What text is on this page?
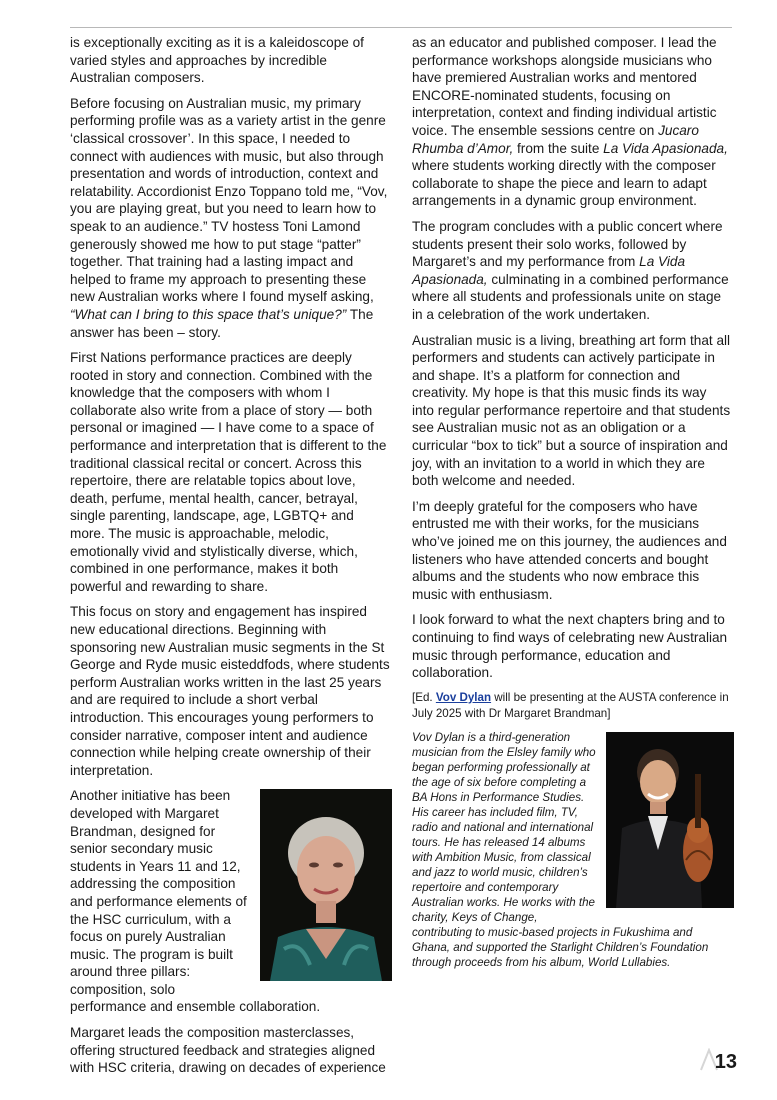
is exceptionally exciting as it is a kaleidoscope of varied styles and approaches by incredible Australian composers.

Before focusing on Australian music, my primary performing profile was as a variety artist in the genre ‘classical crossover’. In this space, I needed to connect with audiences with music, but also through presentation and words of introduction, context and relatability. Accordionist Enzo Toppano told me, “Vov, you are playing great, but you need to learn how to speak to an audience.” TV hostess Toni Lamond generously showed me how to put stage “patter” together. That training had a lasting impact and helped to frame my approach to presenting these new Australian works where I found myself asking, “What can I bring to this space that’s unique?” The answer has been – story.

First Nations performance practices are deeply rooted in story and connection. Combined with the knowledge that the composers with whom I collaborate also write from a place of story — both personal or imagined — I have come to a space of performance and interpretation that is different to the traditional classical recital or concert. Across this repertoire, there are relatable topics about love, death, perfume, mental health, cancer, betrayal, single parenting, landscape, age, LGBTQ+ and more. The music is approachable, melodic, emotionally vivid and stylistically diverse, which, combined in one performance, makes it both powerful and rewarding to share.

This focus on story and engagement has inspired new educational directions. Beginning with sponsoring new Australian music segments in the St George and Ryde music eisteddfods, where students perform Australian works written in the last 25 years and are required to include a short verbal introduction. This encourages young performers to consider narrative, composer intent and audience connection while helping create ownership of their interpretation.

Another initiative has been developed with Margaret Brandman, designed for senior secondary music students in Years 11 and 12, addressing the composition and performance elements of the HSC curriculum, with a focus on purely Australian music. The program is built around three pillars: composition, solo performance and ensemble collaboration.

Margaret leads the composition masterclasses, offering structured feedback and strategies aligned with HSC criteria, drawing on decades of experience

as an educator and published composer. I lead the performance workshops alongside musicians who have premiered Australian works and mentored ENCORE-nominated students, focusing on interpretation, context and finding individual artistic voice. The ensemble sessions centre on Jucaro Rhumba d’Amor, from the suite La Vida Apasionada, where students working directly with the composer collaborate to shape the piece and learn to adapt arrangements in a dynamic group environment.

The program concludes with a public concert where students present their solo works, followed by Margaret’s and my performance from La Vida Apasionada, culminating in a combined performance where all students and professionals unite on stage in a celebration of the work undertaken.

Australian music is a living, breathing art form that all performers and students can actively participate in and shape. It’s a platform for connection and creativity. My hope is that this music finds its way into regular performance repertoire and that students see Australian music not as an obligation or a curricular “box to tick” but a source of inspiration and joy, with an invitation to a world in which they are both welcome and needed.

I’m deeply grateful for the composers who have entrusted me with their works, for the musicians who’ve joined me on this journey, the audiences and listeners who have attended concerts and bought albums and the students who now embrace this music with enthusiasm.

I look forward to what the next chapters bring and to continuing to find ways of celebrating new Australian music through performance, education and collaboration.

[Ed. Vov Dylan will be presenting at the AUSTA conference in July 2025 with Dr Margaret Brandman]

Vov Dylan is a third-generation musician from the Elsley family who began performing professionally at the age of six before completing a BA Hons in Performance Studies. His career has included film, TV, radio and national and international tours. He has released 14 albums with Ambition Music, from classical and jazz to world music, children’s repertoire and contemporary Australian works. He works with the charity, Keys of Change, contributing to music-based projects in Fukushima and Ghana, and supported the Starlight Children’s Foundation through proceeds from his album, World Lullabies.
13
